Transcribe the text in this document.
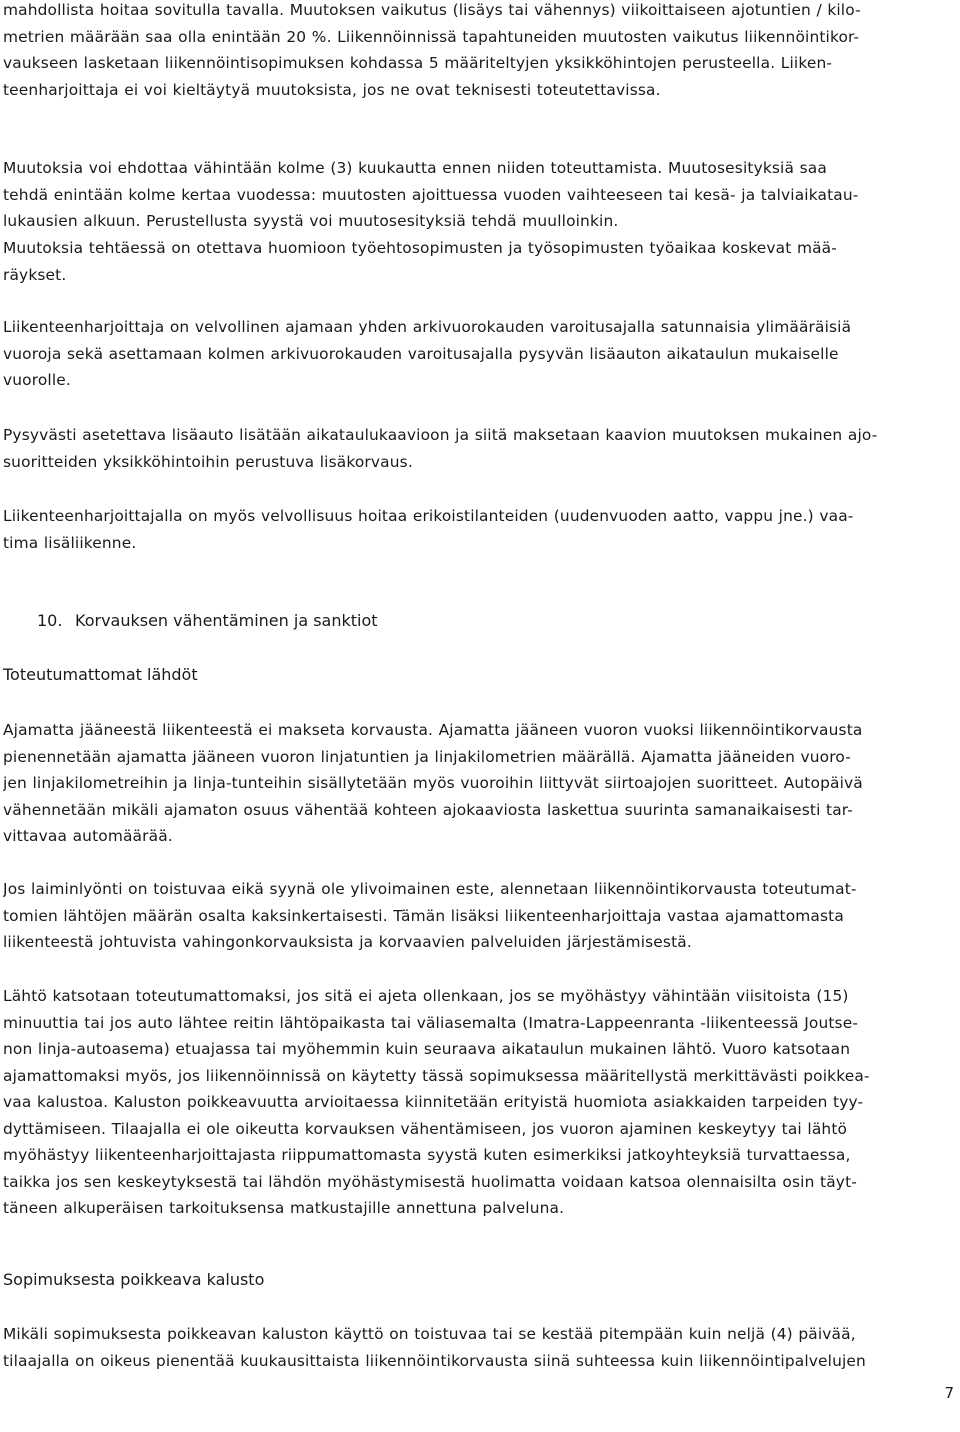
mahdollista hoitaa sovitulla tavalla. Muutoksen vaikutus (lisäys tai vähennys) viikoittaiseen ajotuntien / kilo-
metrien määrään saa olla enintään 20 %. Liikennöinnissä tapahtuneiden muutosten vaikutus liikennöintikor-
vaukseen lasketaan liikennöintisopimuksen kohdassa 5 määriteltyjen yksikköhintojen perusteella. Liiken-
teenharjoittaja ei voi kieltäytyä muutoksista, jos ne ovat teknisesti toteutettavissa.
Muutoksia voi ehdottaa vähintään kolme (3) kuukautta ennen niiden toteuttamista. Muutosesityksiä saa
tehdä enintään kolme kertaa vuodessa: muutosten ajoittuessa vuoden vaihteeseen tai kesä- ja talviaikatau-
lukausien alkuun. Perustellusta syystä voi muutosesityksiä tehdä muulloinkin.
Muutoksia tehtäessä on otettava huomioon työehtosopimusten ja työsopimusten työaikaa koskevat mää-
räykset.
Liikenteenharjoittaja on velvollinen ajamaan yhden arkivuorokauden varoitusajalla satunnaisia ylimääräisiä
vuoroja sekä asettamaan kolmen arkivuorokauden varoitusajalla pysyvän lisäauton aikataulun mukaiselle
vuorolle.
Pysyvästi asetettava lisäauto lisätään aikataulukaavioon ja siitä maksetaan kaavion muutoksen mukainen ajo-
suoritteiden yksikköhintoihin perustuva lisäkorvaus.
Liikenteenharjoittajalla on myös velvollisuus hoitaa erikoistilanteiden (uudenvuoden aatto, vappu jne.) vaa-
tima lisäliikenne.
10. Korvauksen vähentäminen ja sanktiot
Toteutumattomat lähdöt
Ajamatta jääneestä liikenteestä ei makseta korvausta. Ajamatta jääneen vuoron vuoksi liikennöintikorvausta
pienennetään ajamatta jääneen vuoron linjatuntien ja linjakilometrien määrällä. Ajamatta jääneiden vuoro-
jen linjakilometreihin ja linja-tunteihin sisällytetään myös vuoroihin liittyvät siirtoajojen suoritteet. Autopäivä
vähennetään mikäli ajamaton osuus vähentää kohteen ajokaaviosta laskettua suurinta samanaikaisesti tar-
vittavaa automäärää.
Jos laiminlyönti on toistuvaa eikä syynä ole ylivoimainen este, alennetaan liikennöintikorvausta toteutumat-
tomien lähtöjen määrän osalta kaksinkertaisesti. Tämän lisäksi liikenteenharjoittaja vastaa ajamattomasta
liikenteestä johtuvista vahingonkorvauksista ja korvaavien palveluiden järjestämisestä.
Lähtö katsotaan toteutumattomaksi, jos sitä ei ajeta ollenkaan, jos se myöhästyy vähintään viisitoista (15)
minuuttia tai jos auto lähtee reitin lähtöpaikasta tai väliasemalta (Imatra-Lappeenranta -liikenteessä Joutse-
non linja-autoasema) etuajassa tai myöhemmin kuin seuraava aikataulun mukainen lähtö. Vuoro katsotaan
ajamattomaksi myös, jos liikennöinnissä on käytetty tässä sopimuksessa määritellystä merkittävästi poikkea-
vaa kalustoa. Kaluston poikkeavuutta arvioitaessa kiinnitetään erityistä huomiota asiakkaiden tarpeiden tyy-
dyttämiseen. Tilaajalla ei ole oikeutta korvauksen vähentämiseen, jos vuoron ajaminen keskeytyy tai lähtö
myöhästyy liikenteenharjoittajasta riippumattomasta syystä kuten esimerkiksi jatkoyhteyksiä turvattaessa,
taikka jos sen keskeytyksestä tai lähdön myöhästymisestä huolimatta voidaan katsoa olennaisilta osin täyt-
täneen alkuperäisen tarkoituksensa matkustajille annettuna palveluna.
Sopimuksesta poikkeava kalusto
Mikäli sopimuksesta poikkeavan kaluston käyttö on toistuvaa tai se kestää pitempään kuin neljä (4) päivää,
tilaajalla on oikeus pienentää kuukausittaista liikennöintikorvausta siinä suhteessa kuin liikennöintipalvelujen
7
